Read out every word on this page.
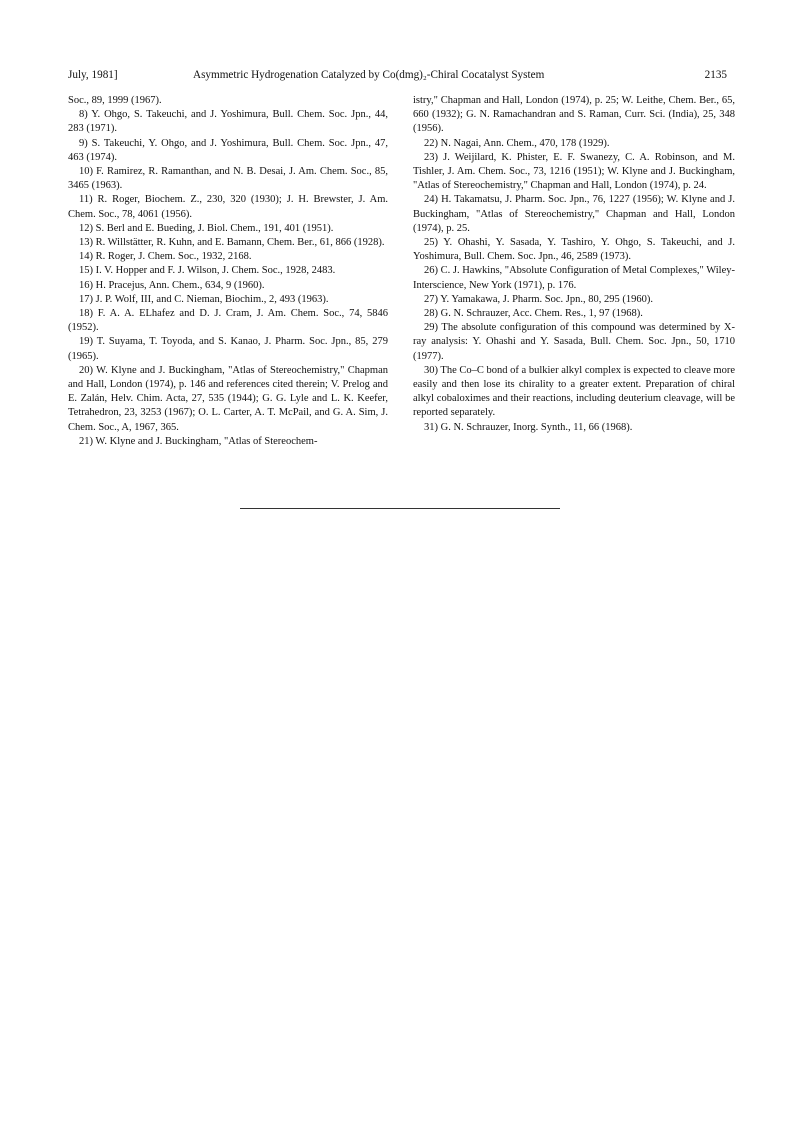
July, 1981]	Asymmetric Hydrogenation Catalyzed by Co(dmg)₂-Chiral Cocatalyst System	2135

Soc., 89, 1999 (1967).

8) Y. Ohgo, S. Takeuchi, and J. Yoshimura, Bull. Chem. Soc. Jpn., 44, 283 (1971).

9) S. Takeuchi, Y. Ohgo, and J. Yoshimura, Bull. Chem. Soc. Jpn., 47, 463 (1974).

10) F. Ramirez, R. Ramanthan, and N. B. Desai, J. Am. Chem. Soc., 85, 3465 (1963).

11) R. Roger, Biochem. Z., 230, 320 (1930); J. H. Brewster, J. Am. Chem. Soc., 78, 4061 (1956).

12) S. Berl and E. Bueding, J. Biol. Chem., 191, 401 (1951).

13) R. Willstätter, R. Kuhn, and E. Bamann, Chem. Ber., 61, 866 (1928).

14) R. Roger, J. Chem. Soc., 1932, 2168.

15) I. V. Hopper and F. J. Wilson, J. Chem. Soc., 1928, 2483.

16) H. Pracejus, Ann. Chem., 634, 9 (1960).

17) J. P. Wolf, III, and C. Nieman, Biochim., 2, 493 (1963).

18) F. A. A. ELhafez and D. J. Cram, J. Am. Chem. Soc., 74, 5846 (1952).

19) T. Suyama, T. Toyoda, and S. Kanao, J. Pharm. Soc. Jpn., 85, 279 (1965).

20) W. Klyne and J. Buckingham, "Atlas of Stereochemistry," Chapman and Hall, London (1974), p. 146 and references cited therein; V. Prelog and E. Zalán, Helv. Chim. Acta, 27, 535 (1944); G. G. Lyle and L. K. Keefer, Tetrahedron, 23, 3253 (1967); O. L. Carter, A. T. McPail, and G. A. Sim, J. Chem. Soc., A, 1967, 365.

21) W. Klyne and J. Buckingham, "Atlas of Stereochem-

istry," Chapman and Hall, London (1974), p. 25; W. Leithe, Chem. Ber., 65, 660 (1932); G. N. Ramachandran and S. Raman, Curr. Sci. (India), 25, 348 (1956).

22) N. Nagai, Ann. Chem., 470, 178 (1929).

23) J. Weijilard, K. Phister, E. F. Swanezy, C. A. Robinson, and M. Tishler, J. Am. Chem. Soc., 73, 1216 (1951); W. Klyne and J. Buckingham, "Atlas of Stereochemistry," Chapman and Hall, London (1974), p. 24.

24) H. Takamatsu, J. Pharm. Soc. Jpn., 76, 1227 (1956); W. Klyne and J. Buckingham, "Atlas of Stereochemistry," Chapman and Hall, London (1974), p. 25.

25) Y. Ohashi, Y. Sasada, Y. Tashiro, Y. Ohgo, S. Takeuchi, and J. Yoshimura, Bull. Chem. Soc. Jpn., 46, 2589 (1973).

26) C. J. Hawkins, "Absolute Configuration of Metal Complexes," Wiley-Interscience, New York (1971), p. 176.

27) Y. Yamakawa, J. Pharm. Soc. Jpn., 80, 295 (1960).

28) G. N. Schrauzer, Acc. Chem. Res., 1, 97 (1968).

29) The absolute configuration of this compound was determined by X-ray analysis: Y. Ohashi and Y. Sasada, Bull. Chem. Soc. Jpn., 50, 1710 (1977).

30) The Co–C bond of a bulkier alkyl complex is expected to cleave more easily and then lose its chirality to a greater extent. Preparation of chiral alkyl cobaloximes and their reactions, including deuterium cleavage, will be reported separately.

31) G. N. Schrauzer, Inorg. Synth., 11, 66 (1968).
